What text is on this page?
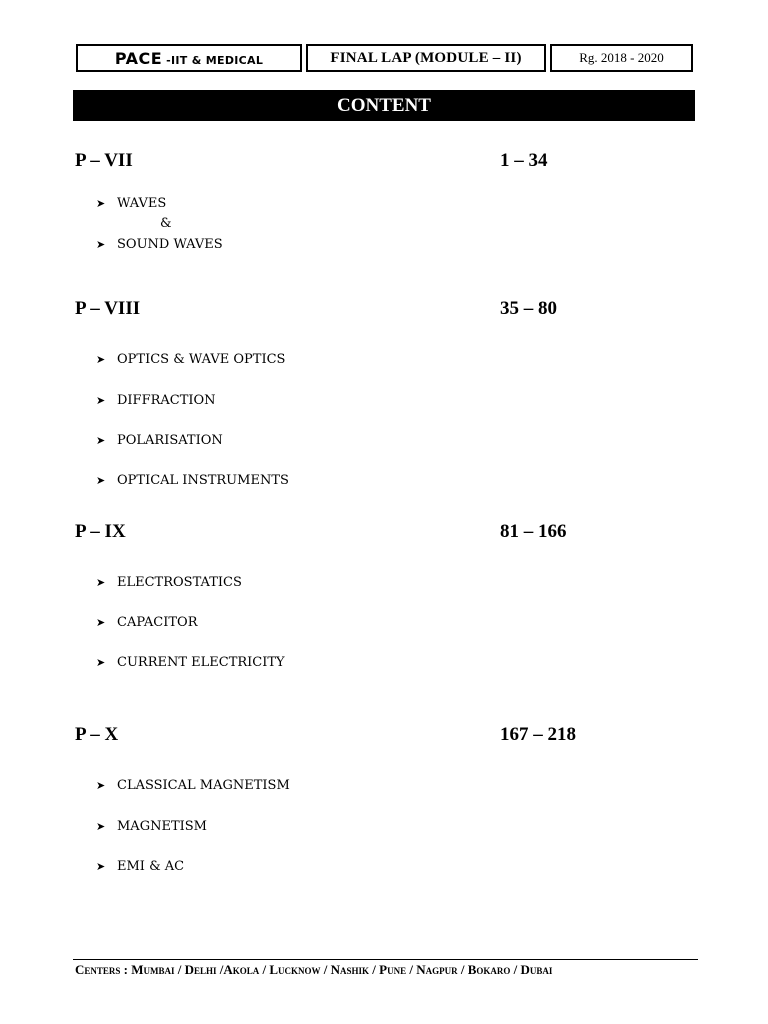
PACE -IIT & MEDICAL	FINAL LAP (MODULE – II)	Rg. 2018 - 2020
CONTENT
P – VII	1 – 34
➤ WAVES
&
➤ SOUND WAVES
P – VIII	35 – 80
➤ OPTICS & WAVE OPTICS
➤ DIFFRACTION
➤ POLARISATION
➤ OPTICAL INSTRUMENTS
P – IX	81 – 166
➤ ELECTROSTATICS
➤ CAPACITOR
➤ CURRENT ELECTRICITY
P – X	167 – 218
➤ CLASSICAL MAGNETISM
➤ MAGNETISM
➤ EMI & AC
Centers : Mumbai / Delhi /Akola / Lucknow / Nashik / Pune / Nagpur / Bokaro / Dubai
